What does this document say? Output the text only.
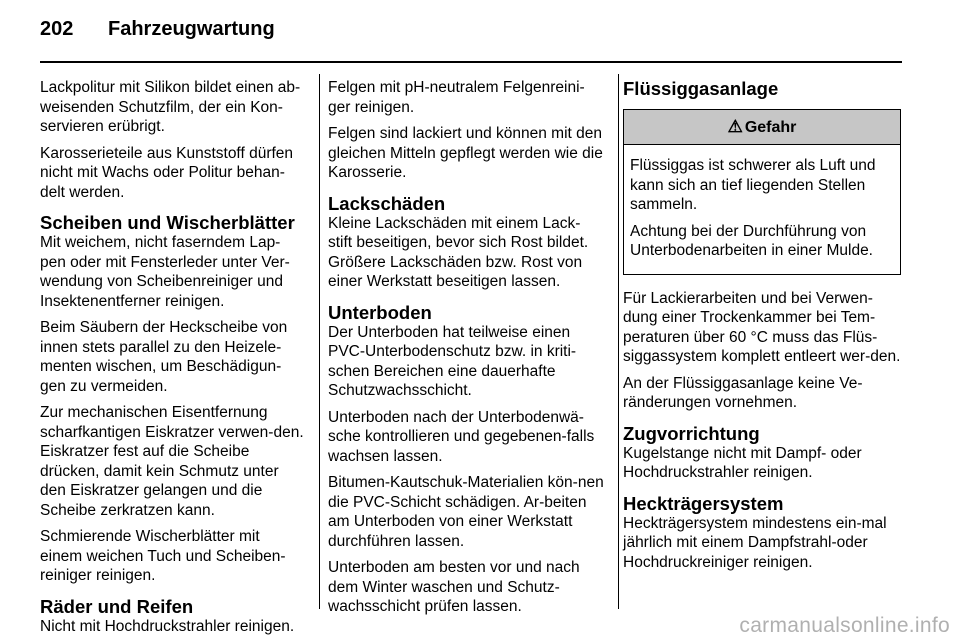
202 Fahrzeugwartung

Lackpolitur mit Silikon bildet einen ab-weisenden Schutzfilm, der ein Kon-servieren erübrigt.

Karosserieteile aus Kunststoff dürfen nicht mit Wachs oder Politur behan-delt werden.

Scheiben und Wischerblätter

Mit weichem, nicht faserndem Lap-pen oder mit Fensterleder unter Ver-wendung von Scheibenreiniger und Insektenentferner reinigen.

Beim Säubern der Heckscheibe von innen stets parallel zu den Heizele-menten wischen, um Beschädigun-gen zu vermeiden.

Zur mechanischen Eisentfernung scharfkantigen Eiskratzer verwen-den. Eiskratzer fest auf die Scheibe drücken, damit kein Schmutz unter den Eiskratzer gelangen und die Scheibe zerkratzen kann.

Schmierende Wischerblätter mit einem weichen Tuch und Scheiben-reiniger reinigen.

Räder und Reifen

Nicht mit Hochdruckstrahler reinigen.

Felgen mit pH-neutralem Felgenreini-ger reinigen.

Felgen sind lackiert und können mit den gleichen Mitteln gepflegt werden wie die Karosserie.

Lackschäden

Kleine Lackschäden mit einem Lack-stift beseitigen, bevor sich Rost bildet. Größere Lackschäden bzw. Rost von einer Werkstatt beseitigen lassen.

Unterboden

Der Unterboden hat teilweise einen PVC-Unterbodenschutz bzw. in kriti-schen Bereichen eine dauerhafte Schutzwachsschicht.

Unterboden nach der Unterbodenwä-sche kontrollieren und gegebenen-falls wachsen lassen.

Bitumen-Kautschuk-Materialien kön-nen die PVC-Schicht schädigen. Ar-beiten am Unterboden von einer Werkstatt durchführen lassen.

Unterboden am besten vor und nach dem Winter waschen und Schutz-wachsschicht prüfen lassen.

Flüssiggasanlage
⚠ Gefahr

Flüssiggas ist schwerer als Luft und kann sich an tief liegenden Stellen sammeln.

Achtung bei der Durchführung von Unterbodenarbeiten in einer Mulde.

Für Lackierarbeiten und bei Verwen-dung einer Trockenkammer bei Tem-peraturen über 60 °C muss das Flüs-siggassystem komplett entleert wer-den.

An der Flüssiggasanlage keine Ve-ränderungen vornehmen.

Zugvorrichtung

Kugelstange nicht mit Dampf- oder Hochdruckstrahler reinigen.

Heckträgersystem

Heckträgersystem mindestens ein-mal jährlich mit einem Dampfstrahl-oder Hochdruckreiniger reinigen.

carmanualsonline.info
